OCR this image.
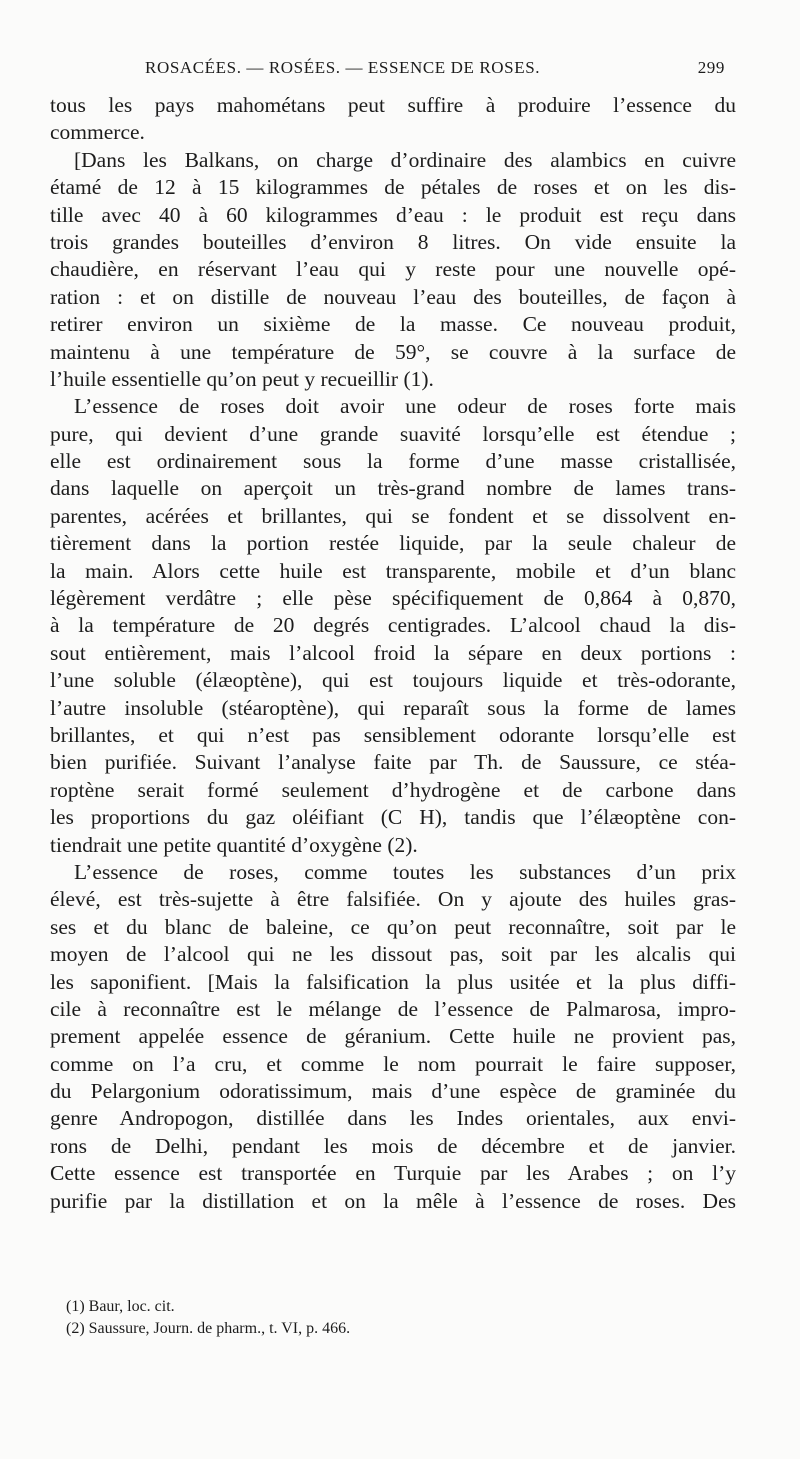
ROSACÉES. — ROSÉES. — ESSENCE DE ROSES.	299
tous les pays mahométans peut suffire à produire l’essence du
commerce.
[Dans les Balkans, on charge d’ordinaire des alambics en cuivre
étamé de 12 à 15 kilogrammes de pétales de roses et on les dis-
tille avec 40 à 60 kilogrammes d’eau : le produit est reçu dans
trois grandes bouteilles d’environ 8 litres. On vide ensuite la
chaudière, en réservant l’eau qui y reste pour une nouvelle opé-
ration : et on distille de nouveau l’eau des bouteilles, de façon à
retirer environ un sixième de la masse. Ce nouveau produit,
maintenu à une température de 59°, se couvre à la surface de
l’huile essentielle qu’on peut y recueillir (1).
L’essence de roses doit avoir une odeur de roses forte mais
pure, qui devient d’une grande suavité lorsqu’elle est étendue ;
elle est ordinairement sous la forme d’une masse cristallisée,
dans laquelle on aperçoit un très-grand nombre de lames trans-
parentes, acérées et brillantes, qui se fondent et se dissolvent en-
tièrement dans la portion restée liquide, par la seule chaleur de
la main. Alors cette huile est transparente, mobile et d’un blanc
légèrement verdâtre ; elle pèse spécifiquement de 0,864 à 0,870,
à la température de 20 degrés centigrades. L’alcool chaud la dis-
sout entièrement, mais l’alcool froid la sépare en deux portions :
l’une soluble (élæoptène), qui est toujours liquide et très-odorante,
l’autre insoluble (stéaroptène), qui reparaît sous la forme de lames
brillantes, et qui n’est pas sensiblement odorante lorsqu’elle est
bien purifiée. Suivant l’analyse faite par Th. de Saussure, ce stéa-
roptène serait formé seulement d’hydrogène et de carbone dans
les proportions du gaz oléifiant (C H), tandis que l’élæoptène con-
tiendrait une petite quantité d’oxygène (2).
L’essence de roses, comme toutes les substances d’un prix
élevé, est très-sujette à être falsifiée. On y ajoute des huiles gras-
ses et du blanc de baleine, ce qu’on peut reconnaître, soit par le
moyen de l’alcool qui ne les dissout pas, soit par les alcalis qui
les saponifient. [Mais la falsification la plus usitée et la plus diffi-
cile à reconnaître est le mélange de l’essence de Palmarosa, impro-
prement appelée essence de géranium. Cette huile ne provient pas,
comme on l’a cru, et comme le nom pourrait le faire supposer,
du Pelargonium odoratissimum, mais d’une espèce de graminée du
genre Andropogon, distillée dans les Indes orientales, aux envi-
rons de Delhi, pendant les mois de décembre et de janvier.
Cette essence est transportée en Turquie par les Arabes ; on l’y
purifie par la distillation et on la mêle à l’essence de roses. Des
(1) Baur, loc. cit.
(2) Saussure, Journ. de pharm., t. VI, p. 466.
